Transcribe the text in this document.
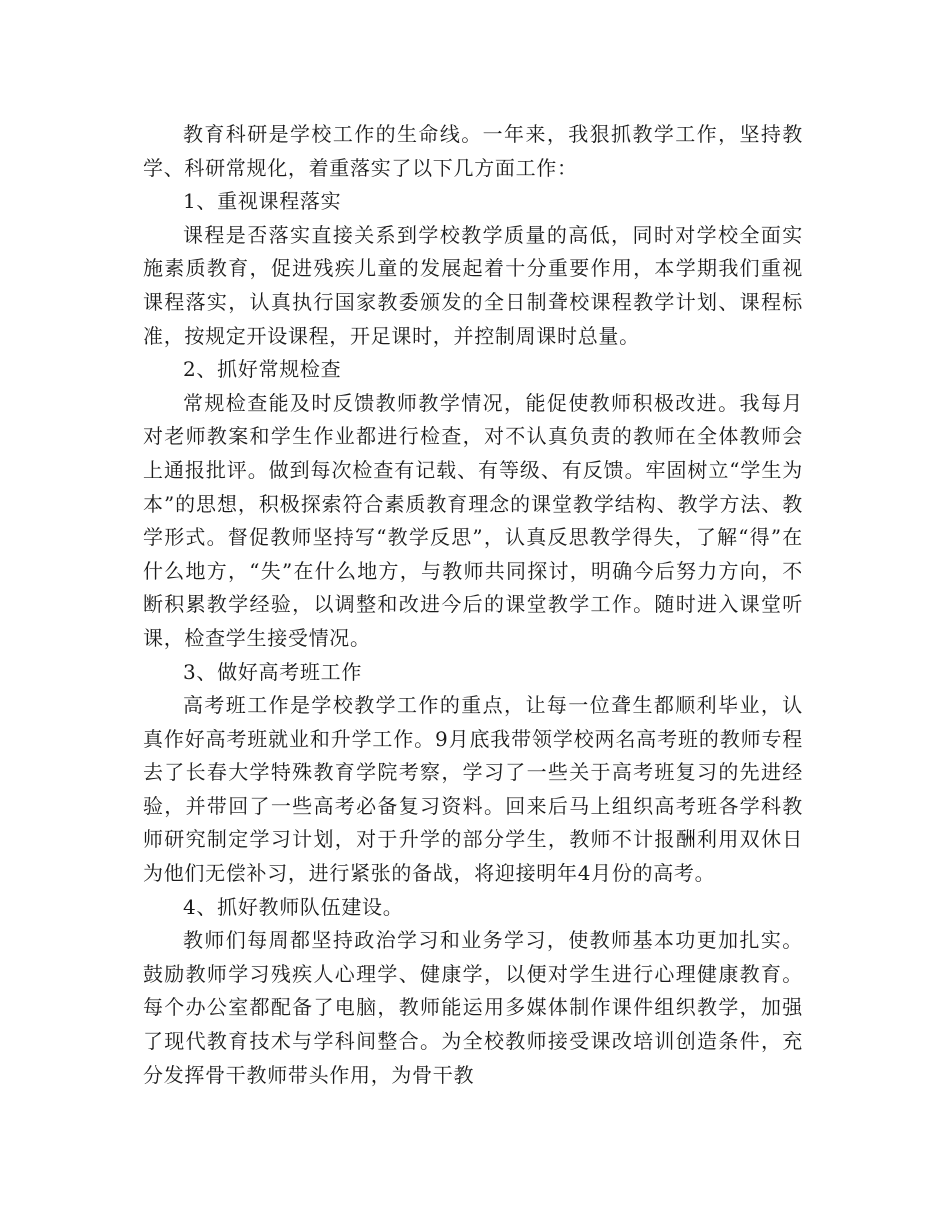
教育科研是学校工作的生命线。一年来，我狠抓教学工作，坚持教学、科研常规化，着重落实了以下几方面工作：

1、重视课程落实

课程是否落实直接关系到学校教学质量的高低，同时对学校全面实施素质教育，促进残疾儿童的发展起着十分重要作用，本学期我们重视课程落实，认真执行国家教委颁发的全日制聋校课程教学计划、课程标准，按规定开设课程，开足课时，并控制周课时总量。

2、抓好常规检查

常规检查能及时反馈教师教学情况，能促使教师积极改进。我每月对老师教案和学生作业都进行检查，对不认真负责的教师在全体教师会上通报批评。做到每次检查有记载、有等级、有反馈。牢固树立“学生为本”的思想，积极探索符合素质教育理念的课堂教学结构、教学方法、教学形式。督促教师坚持写“教学反思”，认真反思教学得失，了解“得”在什么地方，“失”在什么地方，与教师共同探讨，明确今后努力方向，不断积累教学经验，以调整和改进今后的课堂教学工作。随时进入课堂听课，检查学生接受情况。

3、做好高考班工作

高考班工作是学校教学工作的重点，让每一位聋生都顺利毕业，认真作好高考班就业和升学工作。9月底我带领学校两名高考班的教师专程去了长春大学特殊教育学院考察，学习了一些关于高考班复习的先进经验，并带回了一些高考必备复习资料。回来后马上组织高考班各学科教师研究制定学习计划，对于升学的部分学生，教师不计报酬利用双休日为他们无偿补习，进行紧张的备战，将迎接明年4月份的高考。

4、抓好教师队伍建设。

教师们每周都坚持政治学习和业务学习，使教师基本功更加扎实。鼓励教师学习残疾人心理学、健康学，以便对学生进行心理健康教育。每个办公室都配备了电脑，教师能运用多媒体制作课件组织教学，加强了现代教育技术与学科间整合。为全校教师接受课改培训创造条件，充分发挥骨干教师带头作用，为骨干教
